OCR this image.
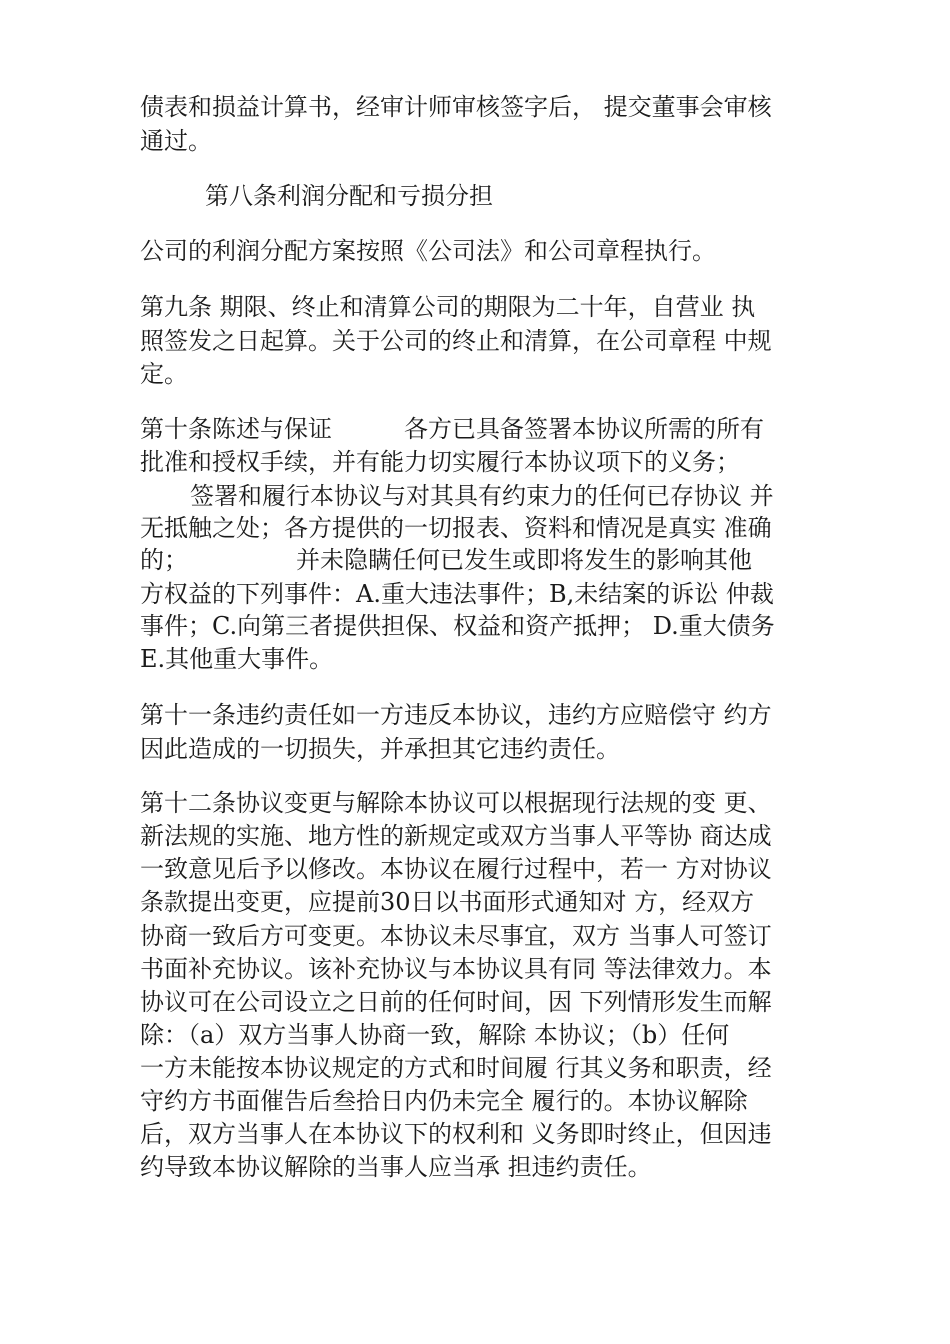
债表和损益计算书，经审计师审核签字后， 提交董事会审核

通过。

第八条利润分配和亏损分担

公司的利润分配方案按照《公司法》和公司章程执行。

第九条 期限、终止和清算公司的期限为二十年，自营业 执

照签发之日起算。关于公司的终止和清算，在公司章程 中规

定。

第十条陈述与保证　　　各方已具备签署本协议所需的所有

批准和授权手续，并有能力切实履行本协议项下的义务；

签署和履行本协议与对其具有约束力的任何已存协议 并

无抵触之处；各方提供的一切报表、资料和情况是真实 准确

的；　　　　　并未隐瞒任何已发生或即将发生的影响其他

方权益的下列事件：A.重大违法事件；B,未结案的诉讼 仲裁

事件；C.向第三者提供担保、权益和资产抵押； D.重大债务

E.其他重大事件。

第十一条违约责任如一方违反本协议，违约方应赔偿守 约方

因此造成的一切损失，并承担其它违约责任。

第十二条协议变更与解除本协议可以根据现行法规的变 更、

新法规的实施、地方性的新规定或双方当事人平等协 商达成

一致意见后予以修改。本协议在履行过程中，若一 方对协议

条款提出变更，应提前30日以书面形式通知对 方，经双方

协商一致后方可变更。本协议未尽事宜，双方 当事人可签订

书面补充协议。该补充协议与本协议具有同 等法律效力。本

协议可在公司设立之日前的任何时间，因 下列情形发生而解

除：（a）双方当事人协商一致，解除 本协议；（b）任何

一方未能按本协议规定的方式和时间履 行其义务和职责，经

守约方书面催告后叁拾日内仍未完全 履行的。本协议解除

后，双方当事人在本协议下的权利和 义务即时终止，但因违

约导致本协议解除的当事人应当承 担违约责任。
